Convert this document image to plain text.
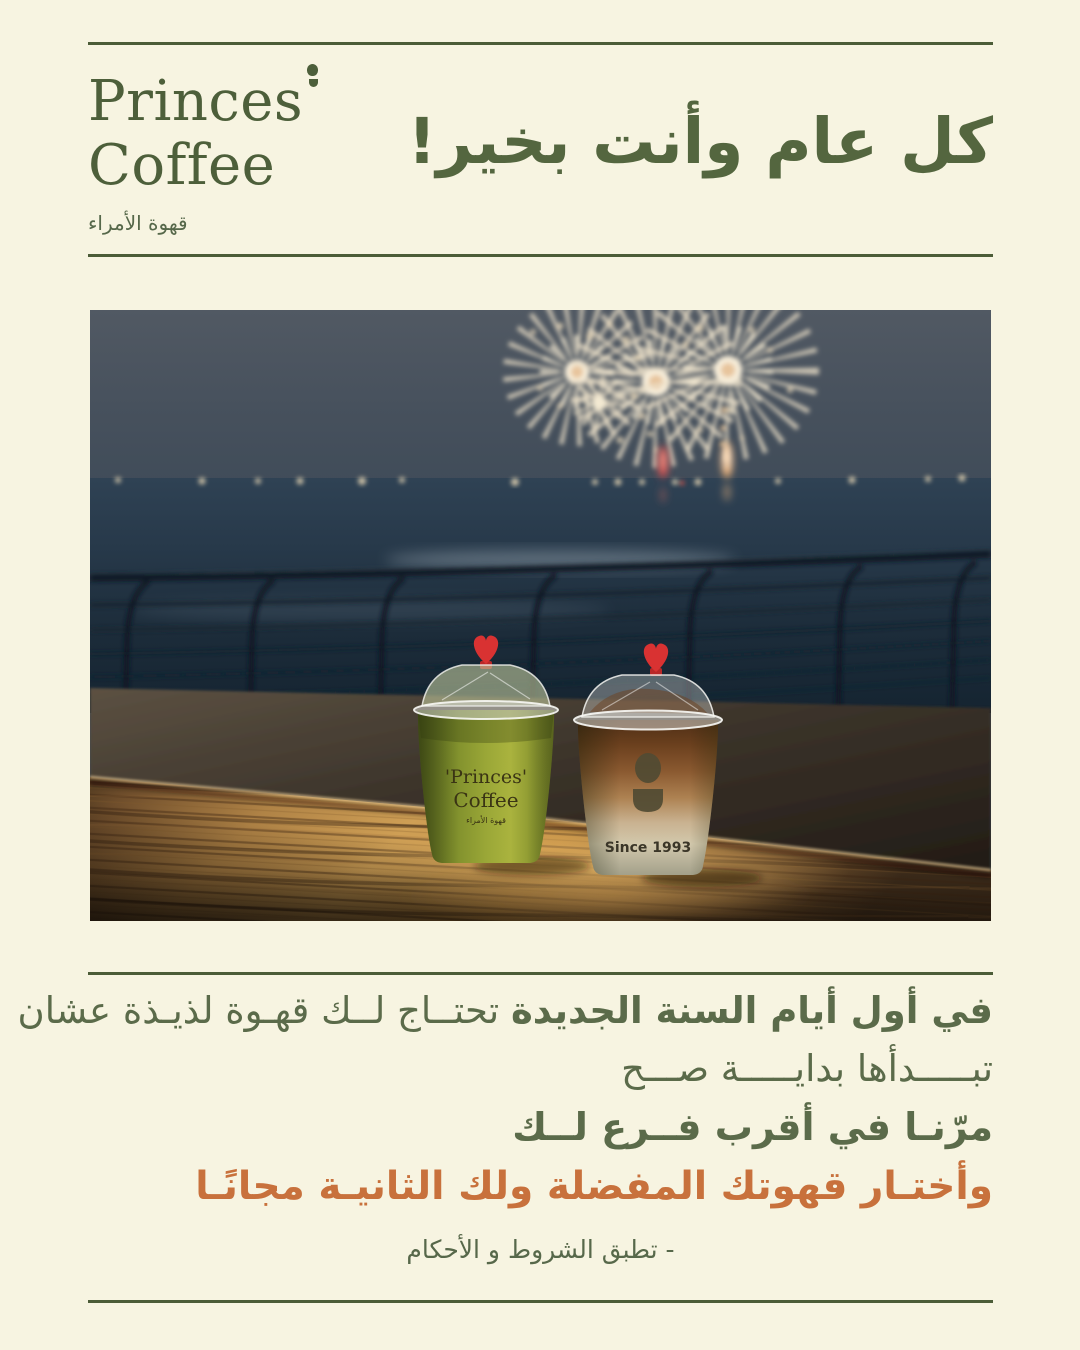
Princes
Coffee
قهوة الأمراء
كل عام وأنت بخير!
'Princes'
Coffee
قهوة الأمراء
Since 1993
في أول أيام السنة الجديدة تحتــاج لــك قهـوة لذيـذة عشان
تبـــــدأها بدايـــــة صـــح
مرّنـا في أقرب فــرع لــك
وأختـار قهوتك المفضلة ولك الثانيـة مجانًـا
- تطبق الشروط و الأحكام
